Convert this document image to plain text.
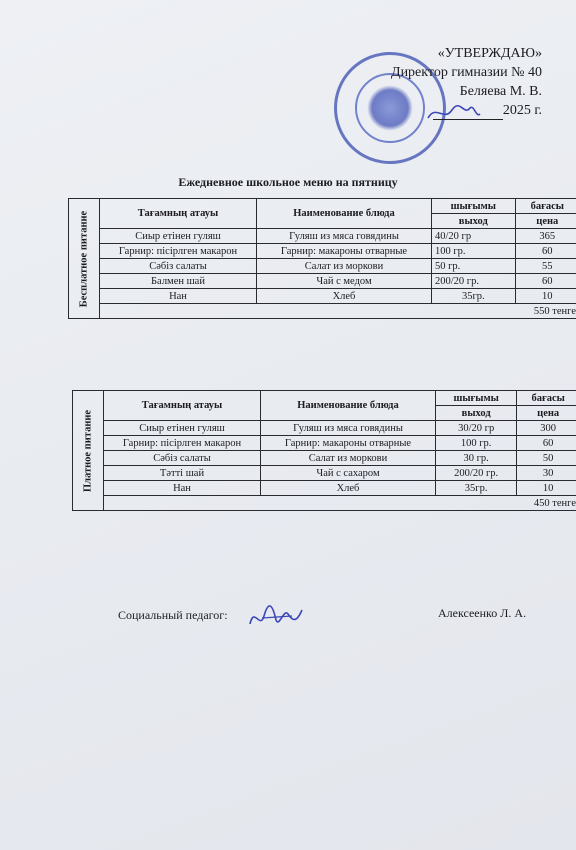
«УТВЕРЖДАЮ»
Директор гимназии № 40
Беляева М. В.
2025 г.
Ежедневное школьное меню на пятницу
Бесплатное питание	Тағамның атауы	Наименование блюда	шығымы	бағасы
			выход	цена
	Сиыр етінен гуляш	Гуляш из мяса говядины	40/20 гр	365
	Гарнир: пісірлген макарон	Гарнир: макароны отварные	100 гр.	60
	Сәбіз салаты	Салат из моркови	50 гр.	55
	Балмен шай	Чай с медом	200/20 гр.	60
	Нан	Хлеб	35гр.	10
	550 тенге			
Платное питание	Тағамның атауы	Наименование блюда	шығымы	бағасы
			выход	цена
	Сиыр етінен гуляш	Гуляш из мяса говядины	30/20 гр	300
	Гарнир: пісірлген макарон	Гарнир: макароны отварные	100 гр.	60
	Сәбіз салаты	Салат из моркови	30 гр.	50
	Тәтті шай	Чай с сахаром	200/20 гр.	30
	Нан	Хлеб	35гр.	10
	450 тенге			
Социальный педагог:	Алексеенко Л. А.
